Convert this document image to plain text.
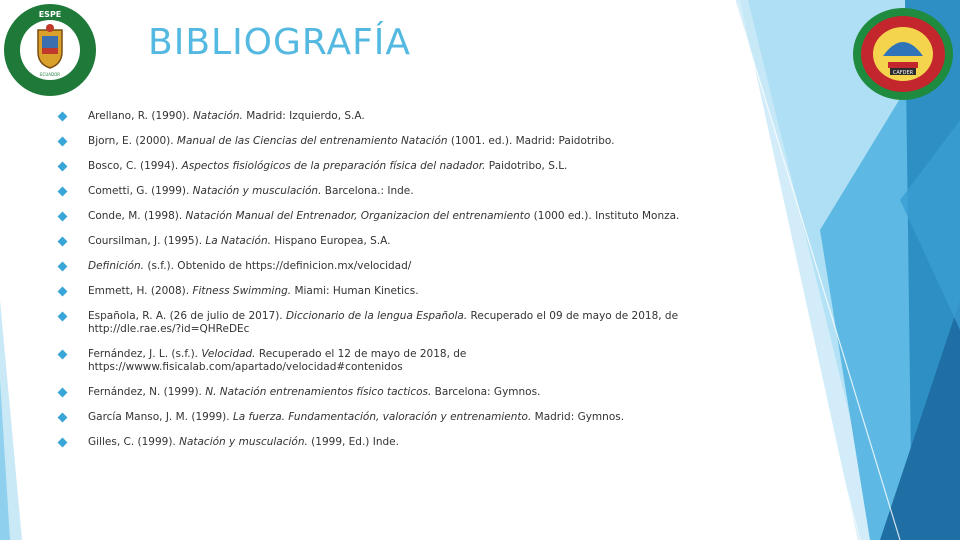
ESPE
ECUADOR
BIBLIOGRAFÍA
CAFDER
Arellano, R. (1990). Natación. Madrid: Izquierdo, S.A.
Bjorn, E. (2000). Manual de las Ciencias del entrenamiento Natación (1001. ed.). Madrid: Paidotribo.
Bosco, C. (1994). Aspectos fisiológicos de la preparación física del nadador. Paidotribo, S.L.
Cometti, G. (1999). Natación y musculación. Barcelona.: Inde.
Conde, M. (1998). Natación Manual del Entrenador, Organizacion del entrenamiento (1000 ed.). Instituto Monza.
Coursilman, J. (1995). La Natación. Hispano Europea, S.A.
Definición. (s.f.). Obtenido de https://definicion.mx/velocidad/
Emmett, H. (2008). Fitness Swimming. Miami: Human Kinetics.
Española, R. A. (26 de julio de 2017). Diccionario de la lengua Española. Recuperado el 09 de mayo de 2018, de http://dle.rae.es/?id=QHReDEc
Fernández, J. L. (s.f.). Velocidad. Recuperado el 12 de mayo de 2018, de https://wwww.fisicalab.com/apartado/velocidad#contenidos
Fernández, N. (1999). N. Natación entrenamientos físico tacticos. Barcelona: Gymnos.
García Manso, J. M. (1999). La fuerza. Fundamentación, valoración y entrenamiento. Madrid: Gymnos.
Gilles, C. (1999). Natación y musculación. (1999, Ed.) Inde.
